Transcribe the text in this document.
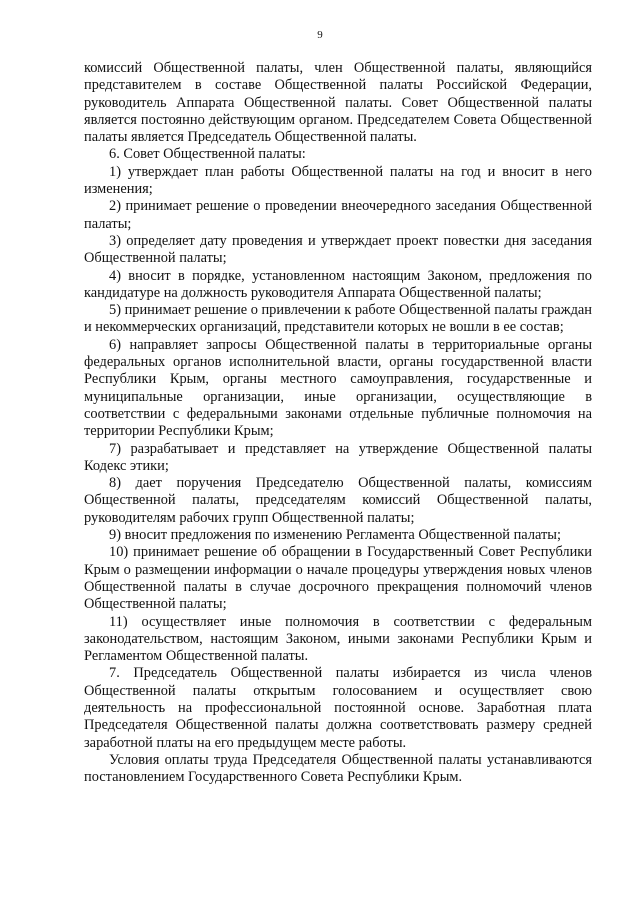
9

комиссий Общественной палаты, член Общественной палаты, являющийся представителем в составе Общественной палаты Российской Федерации, руководитель Аппарата Общественной палаты. Совет Общественной палаты является постоянно действующим органом. Председателем Совета Общественной палаты является Председатель Общественной палаты.

6. Совет Общественной палаты:

1) утверждает план работы Общественной палаты на год и вносит в него изменения;

2) принимает решение о проведении внеочередного заседания Общественной палаты;

3) определяет дату проведения и утверждает проект повестки дня заседания Общественной палаты;

4) вносит в порядке, установленном настоящим Законом, предложения по кандидатуре на должность руководителя Аппарата Общественной палаты;

5) принимает решение о привлечении к работе Общественной палаты граждан и некоммерческих организаций, представители которых не вошли в ее состав;

6) направляет запросы Общественной палаты в территориальные органы федеральных органов исполнительной власти, органы государственной власти Республики Крым, органы местного самоуправления, государственные и муниципальные организации, иные организации, осуществляющие в соответствии с федеральными законами отдельные публичные полномочия на территории Республики Крым;

7) разрабатывает и представляет на утверждение Общественной палаты Кодекс этики;

8) дает поручения Председателю Общественной палаты, комиссиям Общественной палаты, председателям комиссий Общественной палаты, руководителям рабочих групп Общественной палаты;

9) вносит предложения по изменению Регламента Общественной палаты;

10) принимает решение об обращении в Государственный Совет Республики Крым о размещении информации о начале процедуры утверждения новых членов Общественной палаты в случае досрочного прекращения полномочий членов Общественной палаты;

11) осуществляет иные полномочия в соответствии с федеральным законодательством, настоящим Законом, иными законами Республики Крым и Регламентом Общественной палаты.

7. Председатель Общественной палаты избирается из числа членов Общественной палаты открытым голосованием и осуществляет свою деятельность на профессиональной постоянной основе. Заработная плата Председателя Общественной палаты должна соответствовать размеру средней заработной платы на его предыдущем месте работы.

Условия оплаты труда Председателя Общественной палаты устанавливаются постановлением Государственного Совета Республики Крым.
